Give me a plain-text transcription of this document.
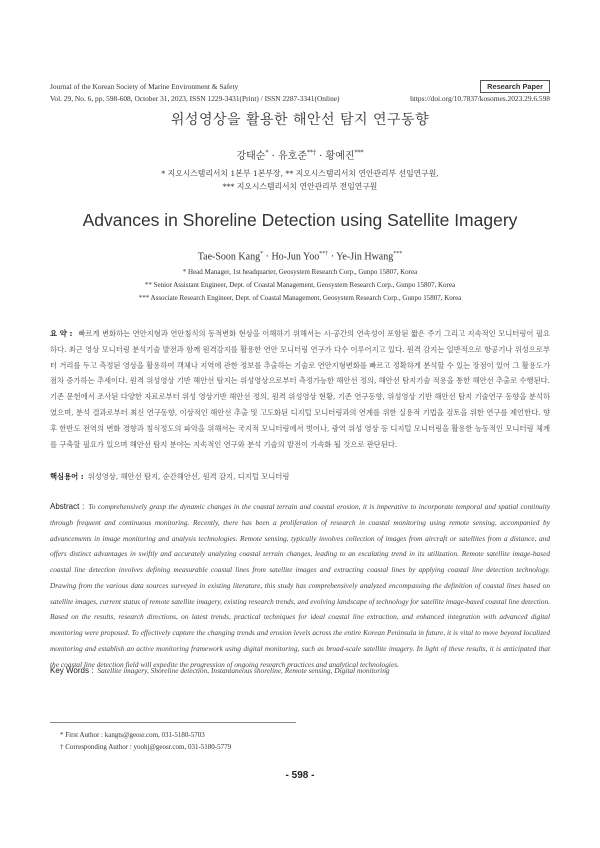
Journal of the Korean Society of Marine Environment & Safety	Research Paper
Vol. 29, No. 6, pp. 598-608, October 31, 2023, ISSN 1229-3431(Print) / ISSN 2287-3341(Online)	https://doi.org/10.7837/kosomes.2023.29.6.598
위성영상을 활용한 해안선 탐지 연구동향
강태순* · 유호준**† · 황예진***
* 지오시스템리서치 1본부 1본부장, ** 지오시스템리서치 연안관리부 선임연구원,
*** 지오시스템리서치 연안관리부 전임연구원
Advances in Shoreline Detection using Satellite Imagery
Tae-Soon Kang* · Ho-Jun Yoo**† · Ye-Jin Hwang***
* Head Manager, 1st headquarter, Geosystem Research Corp., Gunpo 15807, Korea
** Senior Assistant Engineer, Dept. of Coastal Management, Geosystem Research Corp., Gunpo 15807, Korea
*** Associate Research Engineer, Dept. of Coastal Management, Geosystem Research Corp., Gunpo 15807, Korea
요 약 : 빠르게 변화하는 연안지형과 연안침식의 동적변화 현상을 이해하기 위해서는 시·공간의 연속성이 포함된 짧은 주기 그리고 지속적인 모니터링이 필요하다. 최근 영상 모니터링 분석기술 발전과 함께 원격감지를 활용한 연안 모니터링 연구가 다수 이루어지고 있다. 원격 감지는 일반적으로 항공기나 위성으로부터 거리를 두고 측정된 영상을 활용하여 객체나 지역에 관한 정보를 추출하는 기술로 연안지형변화를 빠르고 정확하게 분석할 수 있는 장점이 있어 그 활용도가 점차 증가하는 추세이다. 원격 위성영상 기반 해안선 탐지는 위성영상으로부터 측정가능한 해안선 정의, 해안선 탐지기술 적용을 통한 해안선 추출로 수행된다. 기존 문헌에서 조사된 다양한 자료로부터 위성 영상기반 해안선 정의, 원격 위성영상 현황, 기존 연구동향, 위성영상 기반 해안선 탐지 기술연구 동향을 분석하였으며, 분석 결과로부터 최신 연구동향, 이상적인 해안선 추출 및 고도화된 디지털 모니터링과의 연계를 위한 실용적 기법을 검토을 위한 연구를 제언한다. 향후 한반도 전역의 변화 경향과 침식정도의 파악을 위해서는 국지적 모니터링에서 벗어나, 광역 위성 영상 등 디지털 모니터링을 활용한 능동적인 모니터링 체계를 구축할 필요가 있으며 해안선 탐지 분야는 지속적인 연구와 분석 기술의 발전이 가속화 될 것으로 판단된다.
핵심용어 : 위성영상, 해안선 탐지, 순간해안선, 원격 감지, 디지털 모니터링
Abstract : To comprehensively grasp the dynamic changes in the coastal terrain and coastal erosion, it is imperative to incorporate temporal and spatial continuity through frequent and continuous monitoring. Recently, there has been a proliferation of research in coastal monitoring using remote sensing, accompanied by advancements in image monitoring and analysis technologies. Remote sensing, typically involves collection of images from aircraft or satellites from a distance, and offers distinct advantages in swiftly and accurately analyzing coastal terrain changes, leading to an escalating trend in its utilization. Remote satellite image-based coastal line detection involves defining measurable coastal lines from satellite images and extracting coastal lines by applying coastal line detection technology. Drawing from the various data sources surveyed in existing literature, this study has comprehensively analyzed encompassing the definition of coastal lines based on satellite images, current status of remote satellite imagery, existing research trends, and evolving landscape of technology for satellite image-based coastal line detection. Based on the results, research directions, on latest trends, practical techniques for ideal coastal line extraction, and enhanced integration with advanced digital monitoring were proposed. To effectively capture the changing trends and erosion levels across the entire Korean Peninsula in future, it is vital to move beyond localized monitoring and establish an active monitoring framework using digital monitoring, such as broad-scale satellite imagery. In light of these results, it is anticipated that the coastal line detection field will expedite the progression of ongoing research practices and analytical technologies.
Key Words : Satellite imagery, Shoreline detection, Instantaneous shoreline, Remote sensing, Digital monitoring
* First Author : kangts@geosr.com, 031-5180-5703
† Corresponding Author : yoohj@geosr.com, 031-5180-5779
- 598 -
